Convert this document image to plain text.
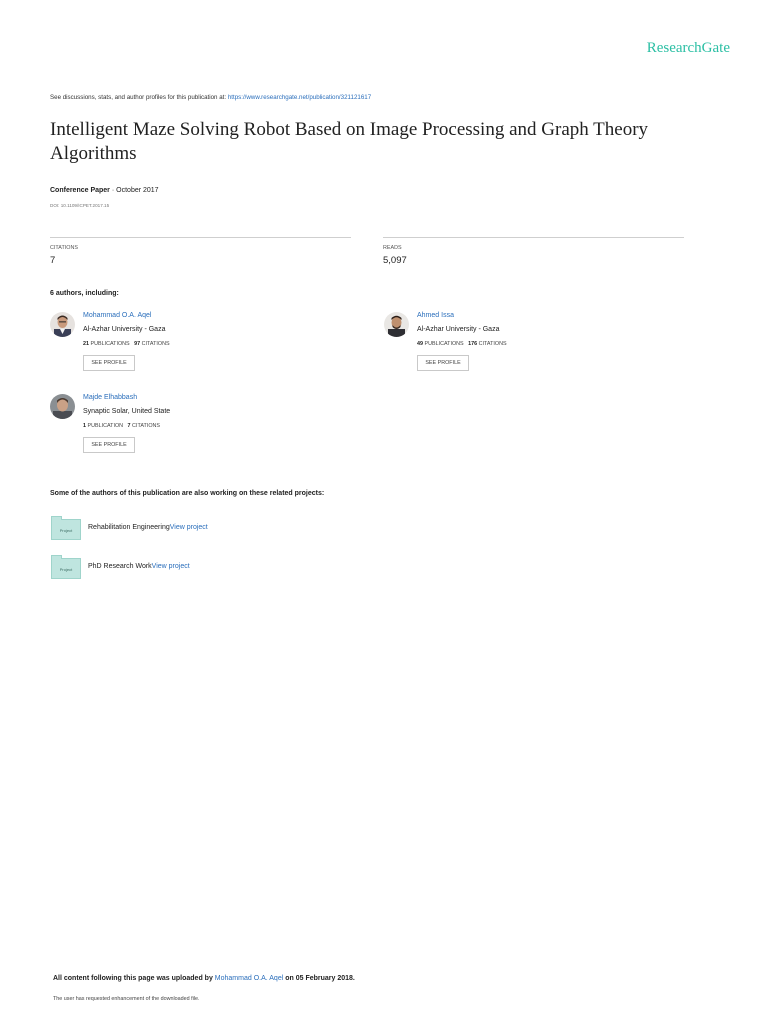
ResearchGate
See discussions, stats, and author profiles for this publication at: https://www.researchgate.net/publication/321121617
Intelligent Maze Solving Robot Based on Image Processing and Graph Theory Algorithms
Conference Paper · October 2017
DOI: 10.1109/ICPET.2017.15
CITATIONS
7
READS
5,097
6 authors, including:
Mohammad O.A. Aqel
Al-Azhar University - Gaza
21 PUBLICATIONS 97 CITATIONS
SEE PROFILE
Ahmed Issa
Al-Azhar University - Gaza
49 PUBLICATIONS 176 CITATIONS
SEE PROFILE
Majde Elhabbash
Synaptic Solar, United State
1 PUBLICATION 7 CITATIONS
SEE PROFILE
Some of the authors of this publication are also working on these related projects:
Project	Rehabilitation EngineeringView project
Project	PhD Research WorkView project
All content following this page was uploaded by Mohammad O.A. Aqel on 05 February 2018.
The user has requested enhancement of the downloaded file.
